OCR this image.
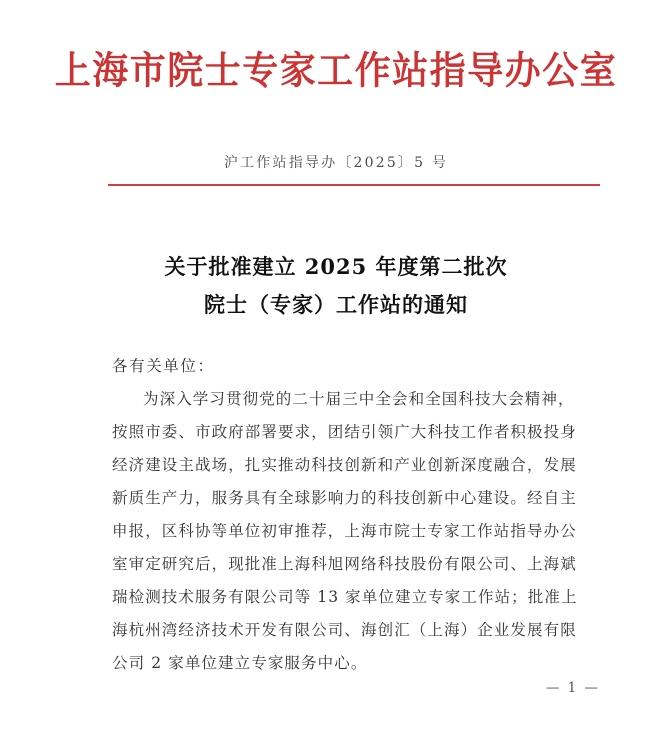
上海市院士专家工作站指导办公室
沪工作站指导办〔2025〕5 号
关于批准建立 2025 年度第二批次
院士（专家）工作站的通知
各有关单位：
为深入学习贯彻党的二十届三中全会和全国科技大会精神，
按照市委、市政府部署要求，团结引领广大科技工作者积极投身
经济建设主战场，扎实推动科技创新和产业创新深度融合，发展
新质生产力，服务具有全球影响力的科技创新中心建设。经自主
申报，区科协等单位初审推荐，上海市院士专家工作站指导办公
室审定研究后，现批准上海科旭网络科技股份有限公司、上海斌
瑞检测技术服务有限公司等 13 家单位建立专家工作站；批准上
海杭州湾经济技术开发有限公司、海创汇（上海）企业发展有限
公司 2 家单位建立专家服务中心。
— 1 —
